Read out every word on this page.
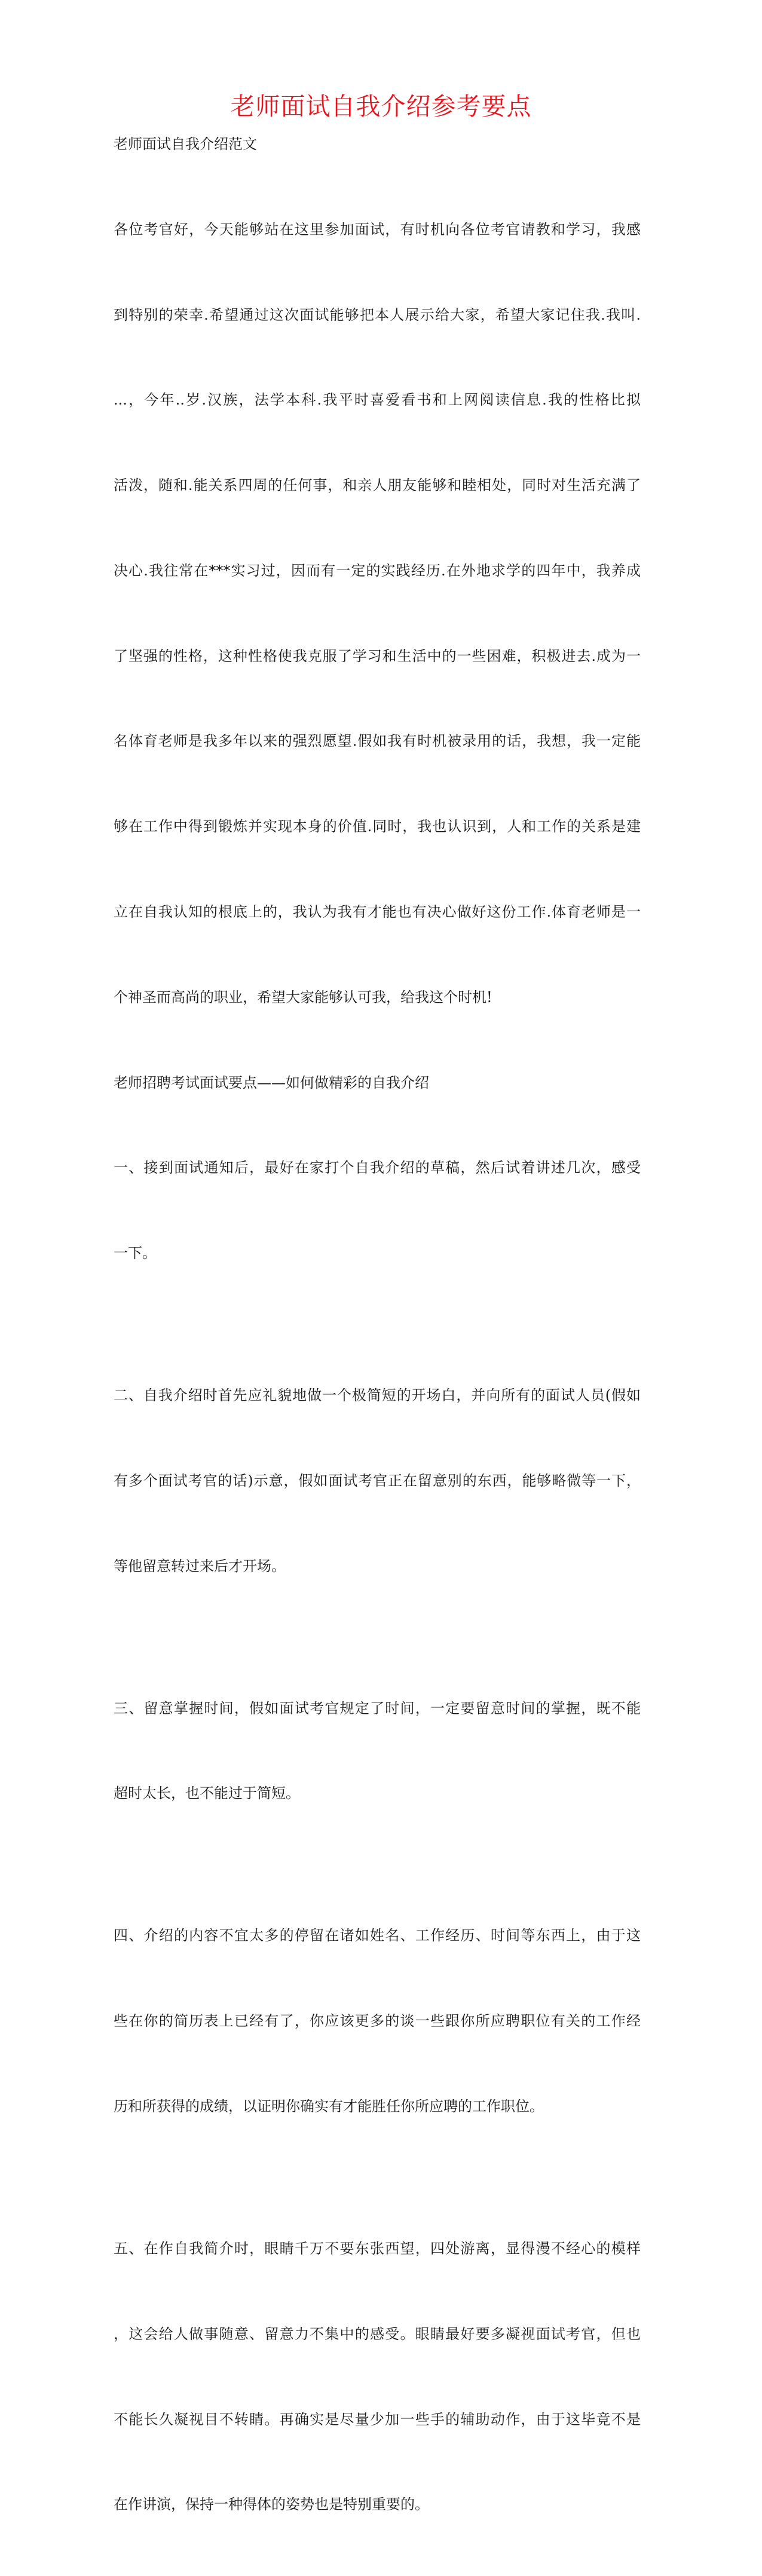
老师面试自我介绍参考要点

老师面试自我介绍范文

各位考官好，今天能够站在这里参加面试，有时机向各位考官请教和学习，我感

到特别的荣幸.希望通过这次面试能够把本人展示给大家，希望大家记住我.我叫.

...，今年..岁.汉族，法学本科.我平时喜爱看书和上网阅读信息.我的性格比拟

活泼，随和.能关系四周的任何事，和亲人朋友能够和睦相处，同时对生活充满了

决心.我往常在***实习过，因而有一定的实践经历.在外地求学的四年中，我养成

了坚强的性格，这种性格使我克服了学习和生活中的一些困难，积极进去.成为一

名体育老师是我多年以来的强烈愿望.假如我有时机被录用的话，我想，我一定能

够在工作中得到锻炼并实现本身的价值.同时，我也认识到，人和工作的关系是建

立在自我认知的根底上的，我认为我有才能也有决心做好这份工作.体育老师是一

个神圣而高尚的职业，希望大家能够认可我，给我这个时机!

老师招聘考试面试要点——如何做精彩的自我介绍

一、接到面试通知后，最好在家打个自我介绍的草稿，然后试着讲述几次，感受

一下。

二、自我介绍时首先应礼貌地做一个极简短的开场白，并向所有的面试人员(假如

有多个面试考官的话)示意，假如面试考官正在留意别的东西，能够略微等一下，

等他留意转过来后才开场。

三、留意掌握时间，假如面试考官规定了时间，一定要留意时间的掌握，既不能

超时太长，也不能过于简短。

四、介绍的内容不宜太多的停留在诸如姓名、工作经历、时间等东西上，由于这

些在你的简历表上已经有了，你应该更多的谈一些跟你所应聘职位有关的工作经

历和所获得的成绩，以证明你确实有才能胜任你所应聘的工作职位。

五、在作自我简介时，眼睛千万不要东张西望，四处游离，显得漫不经心的模样

，这会给人做事随意、留意力不集中的感受。眼睛最好要多凝视面试考官，但也

不能长久凝视目不转睛。再确实是尽量少加一些手的辅助动作，由于这毕竟不是

在作讲演，保持一种得体的姿势也是特别重要的。
